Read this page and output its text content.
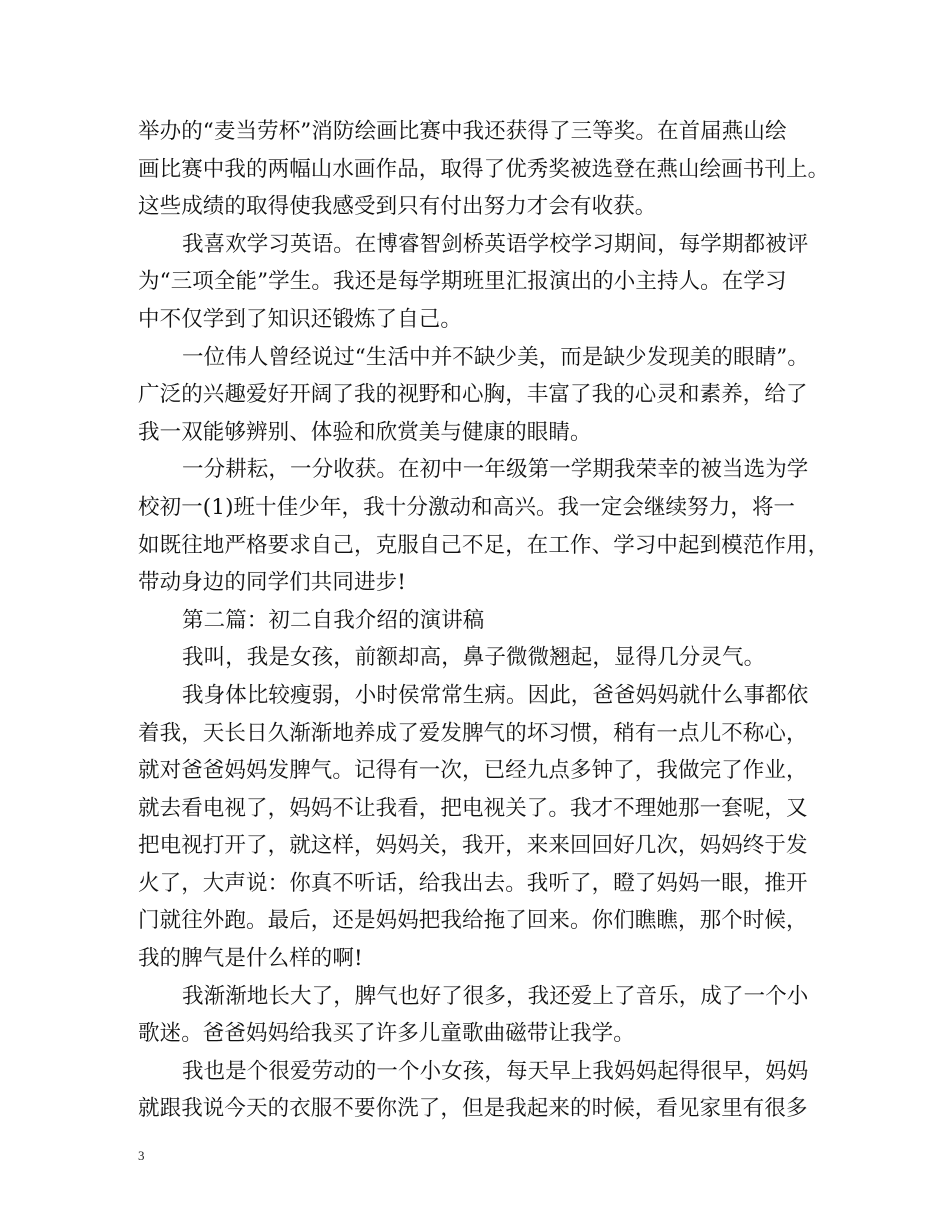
举办的“麦当劳杯”消防绘画比赛中我还获得了三等奖。在首届燕山绘
画比赛中我的两幅山水画作品，取得了优秀奖被选登在燕山绘画书刊上。
这些成绩的取得使我感受到只有付出努力才会有收获。
我喜欢学习英语。在博睿智剑桥英语学校学习期间，每学期都被评
为“三项全能”学生。我还是每学期班里汇报演出的小主持人。在学习
中不仅学到了知识还锻炼了自己。
一位伟人曾经说过“生活中并不缺少美，而是缺少发现美的眼睛”。
广泛的兴趣爱好开阔了我的视野和心胸，丰富了我的心灵和素养，给了
我一双能够辨别、体验和欣赏美与健康的眼睛。
一分耕耘，一分收获。在初中一年级第一学期我荣幸的被当选为学
校初一(1)班十佳少年，我十分激动和高兴。我一定会继续努力，将一
如既往地严格要求自己，克服自己不足，在工作、学习中起到模范作用，
带动身边的同学们共同进步!
第二篇：初二自我介绍的演讲稿
我叫，我是女孩，前额却高，鼻子微微翘起，显得几分灵气。
我身体比较瘦弱，小时侯常常生病。因此，爸爸妈妈就什么事都依
着我，天长日久渐渐地养成了爱发脾气的坏习惯，稍有一点儿不称心，
就对爸爸妈妈发脾气。记得有一次，已经九点多钟了，我做完了作业，
就去看电视了，妈妈不让我看，把电视关了。我才不理她那一套呢，又
把电视打开了，就这样，妈妈关，我开，来来回回好几次，妈妈终于发
火了，大声说：你真不听话，给我出去。我听了，瞪了妈妈一眼，推开
门就往外跑。最后，还是妈妈把我给拖了回来。你们瞧瞧，那个时候，
我的脾气是什么样的啊!
我渐渐地长大了，脾气也好了很多，我还爱上了音乐，成了一个小
歌迷。爸爸妈妈给我买了许多儿童歌曲磁带让我学。
我也是个很爱劳动的一个小女孩，每天早上我妈妈起得很早，妈妈
就跟我说今天的衣服不要你洗了，但是我起来的时候，看见家里有很多
3
